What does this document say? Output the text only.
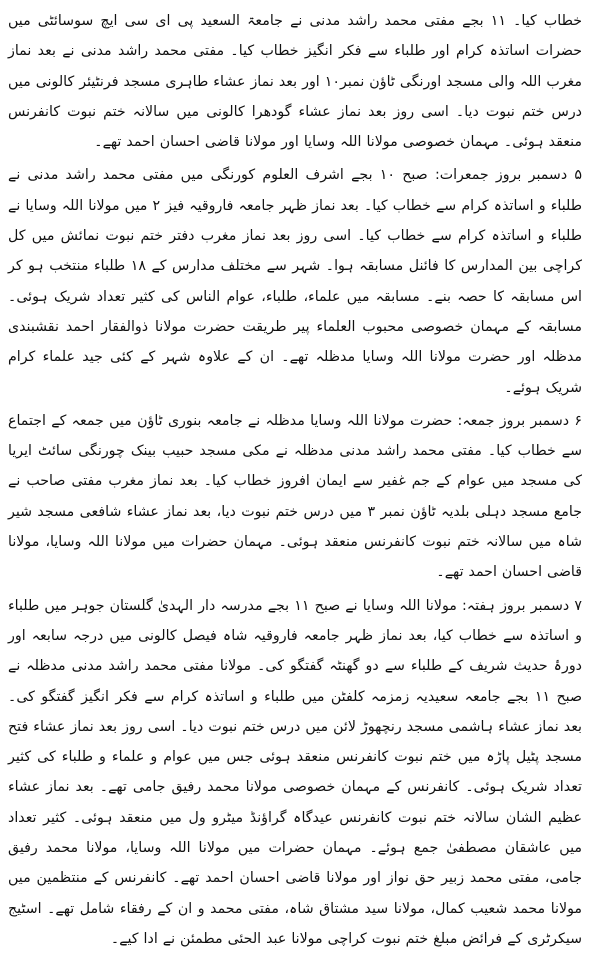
خطاب کیا۔ ۱۱ بجے مفتی محمد راشد مدنی نے جامعۃ السعید پی ای سی ایچ سوسائٹی میں حضرات اساتذہ کرام اور طلباء سے فکر انگیز خطاب کیا۔ مفتی محمد راشد مدنی نے بعد نماز مغرب اللہ والی مسجد اورنگی ٹاؤن نمبر۱۰ اور بعد نماز عشاء طاہری مسجد فرنٹیئر کالونی میں درس ختم نبوت دیا۔ اسی روز بعد نماز عشاء گودھرا کالونی میں سالانہ ختم نبوت کانفرنس منعقد ہوئی۔ مہمان خصوصی مولانا اللہ وسایا اور مولانا قاضی احسان احمد تھے۔

۵ دسمبر بروز جمعرات: صبح ۱۰ بجے اشرف العلوم کورنگی میں مفتی محمد راشد مدنی نے طلباء و اساتذہ کرام سے خطاب کیا۔ بعد نماز ظہر جامعہ فاروقیہ فیز ۲ میں مولانا اللہ وسایا نے طلباء و اساتذہ کرام سے خطاب کیا۔ اسی روز بعد نماز مغرب دفتر ختم نبوت نمائش میں کل کراچی بین المدارس کا فائنل مسابقہ ہوا۔ شہر سے مختلف مدارس کے ۱۸ طلباء منتخب ہو کر اس مسابقہ کا حصہ بنے۔ مسابقہ میں علماء، طلباء، عوام الناس کی کثیر تعداد شریک ہوئی۔ مسابقہ کے مہمان خصوصی محبوب العلماء پیر طریقت حضرت مولانا ذوالفقار احمد نقشبندی مدظلہ اور حضرت مولانا اللہ وسایا مدظلہ تھے۔ ان کے علاوہ شہر کے کئی جید علماء کرام شریک ہوئے۔

۶ دسمبر بروز جمعہ: حضرت مولانا اللہ وسایا مدظلہ نے جامعہ بنوری ٹاؤن میں جمعہ کے اجتماع سے خطاب کیا۔ مفتی محمد راشد مدنی مدظلہ نے مکی مسجد حبیب بینک چورنگی سائٹ ایریا کی مسجد میں عوام کے جم غفیر سے ایمان افروز خطاب کیا۔ بعد نماز مغرب مفتی صاحب نے جامع مسجد دہلی بلدیہ ٹاؤن نمبر ۳ میں درس ختم نبوت دیا، بعد نماز عشاء شافعی مسجد شیر شاہ میں سالانہ ختم نبوت کانفرنس منعقد ہوئی۔ مہمان حضرات میں مولانا اللہ وسایا، مولانا قاضی احسان احمد تھے۔

۷ دسمبر بروز ہفتہ: مولانا اللہ وسایا نے صبح ۱۱ بجے مدرسہ دار الہدیٰ گلستان جوہر میں طلباء و اساتذہ سے خطاب کیا، بعد نماز ظہر جامعہ فاروقیہ شاہ فیصل کالونی میں درجہ سابعہ اور دورۂ حدیث شریف کے طلباء سے دو گھنٹہ گفتگو کی۔ مولانا مفتی محمد راشد مدنی مدظلہ نے صبح ۱۱ بجے جامعہ سعیدیہ زمزمہ کلفٹن میں طلباء و اساتذہ کرام سے فکر انگیز گفتگو کی۔ بعد نماز عشاء ہاشمی مسجد رنچھوڑ لائن میں درس ختم نبوت دیا۔ اسی روز بعد نماز عشاء فتح مسجد پٹیل پاڑہ میں ختم نبوت کانفرنس منعقد ہوئی جس میں عوام و علماء و طلباء کی کثیر تعداد شریک ہوئی۔ کانفرنس کے مہمان خصوصی مولانا محمد رفیق جامی تھے۔ بعد نماز عشاء عظیم الشان سالانہ ختم نبوت کانفرنس عیدگاہ گراؤنڈ میٹرو ول میں منعقد ہوئی۔ کثیر تعداد میں عاشقان مصطفیٰ جمع ہوئے۔ مہمان حضرات میں مولانا اللہ وسایا، مولانا محمد رفیق جامی، مفتی محمد زبیر حق نواز اور مولانا قاضی احسان احمد تھے۔ کانفرنس کے منتظمین میں مولانا محمد شعیب کمال، مولانا سید مشتاق شاہ، مفتی محمد و ان کے رفقاء شامل تھے۔ اسٹیج سیکرٹری کے فرائض مبلغ ختم نبوت کراچی مولانا عبد الحئی مطمئن نے ادا کیے۔
